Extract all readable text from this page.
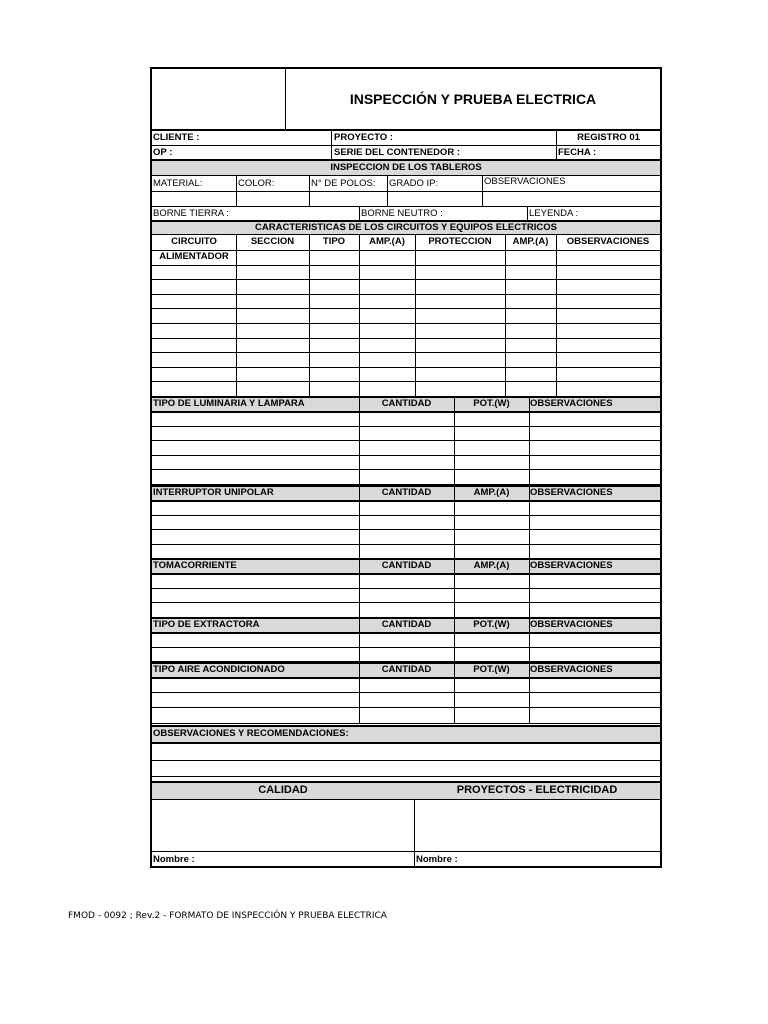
INSPECCIÓN Y PRUEBA ELECTRICA
CLIENTE :	PROYECTO :	REGISTRO 01
OP :	SERIE DEL CONTENEDOR :	FECHA :
INSPECCION DE LOS TABLEROS
MATERIAL:	COLOR:	N° DE POLOS: GRADO IP:	OBSERVACIONES
BORNE TIERRA :	BORNE NEUTRO :	LEYENDA :
CARACTERISTICAS DE LOS CIRCUITOS Y EQUIPOS ELECTRICOS
CIRCUITO	SECCION	TIPO	AMP.(A)	PROTECCION	AMP.(A)	OBSERVACIONES
ALIMENTADOR
TIPO DE LUMINARIA Y LAMPARA	CANTIDAD	POT.(W)	OBSERVACIONES
INTERRUPTOR UNIPOLAR	CANTIDAD	AMP.(A)	OBSERVACIONES
TOMACORRIENTE	CANTIDAD	AMP.(A)	OBSERVACIONES
TIPO DE EXTRACTORA	CANTIDAD	POT.(W)	OBSERVACIONES
TIPO AIRE ACONDICIONADO	CANTIDAD	POT.(W)	OBSERVACIONES
OBSERVACIONES Y RECOMENDACIONES:
CALIDAD	PROYECTOS - ELECTRICIDAD
Nombre :	Nombre :
FMOD - 0092 ; Rev.2 - FORMATO DE INSPECCIÓN Y PRUEBA ELECTRICA
